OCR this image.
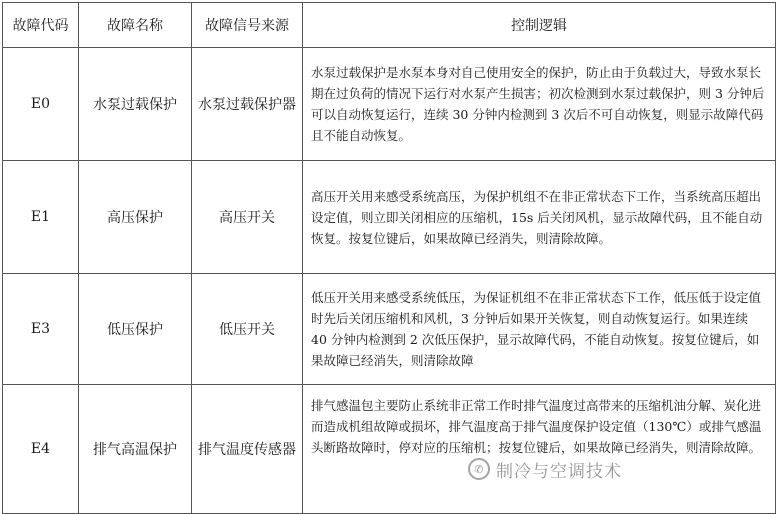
故障代码	故障名称	故障信号来源	控制逻辑
E0	水泵过载保护	水泵过载保护器	水泵过载保护是水泵本身对自己使用安全的保护，防止由于负载过大，导致水泵长期在过负荷的情况下运行对水泵产生损害；初次检测到水泵过载保护，则 3 分钟后可以自动恢复运行，连续 30 分钟内检测到 3 次后不可自动恢复，则显示故障代码且不能自动恢复。
E1	高压保护	高压开关	高压开关用来感受系统高压，为保护机组不在非正常状态下工作，当系统高压超出设定值，则立即关闭相应的压缩机，15s 后关闭风机，显示故障代码，且不能自动恢复。按复位键后，如果故障已经消失，则清除故障。
E3	低压保护	低压开关	低压开关用来感受系统低压，为保证机组不在非正常状态下工作，低压低于设定值时先后关闭压缩机和风机，3 分钟后如果开关恢复，则自动恢复运行。如果连续 40 分钟内检测到 2 次低压保护，显示故障代码，不能自动恢复。按复位键后，如果故障已经消失，则清除故障
E4	排气高温保护	排气温度传感器	排气感温包主要防止系统非正常工作时排气温度过高带来的压缩机油分解、炭化进而造成机组故障或损坏，排气温度高于排气温度保护设定值（130℃）或排气感温头断路故障时，停对应的压缩机；按复位键后，如果故障已经消失，则清除故障。
✆ 制冷与空调技术
